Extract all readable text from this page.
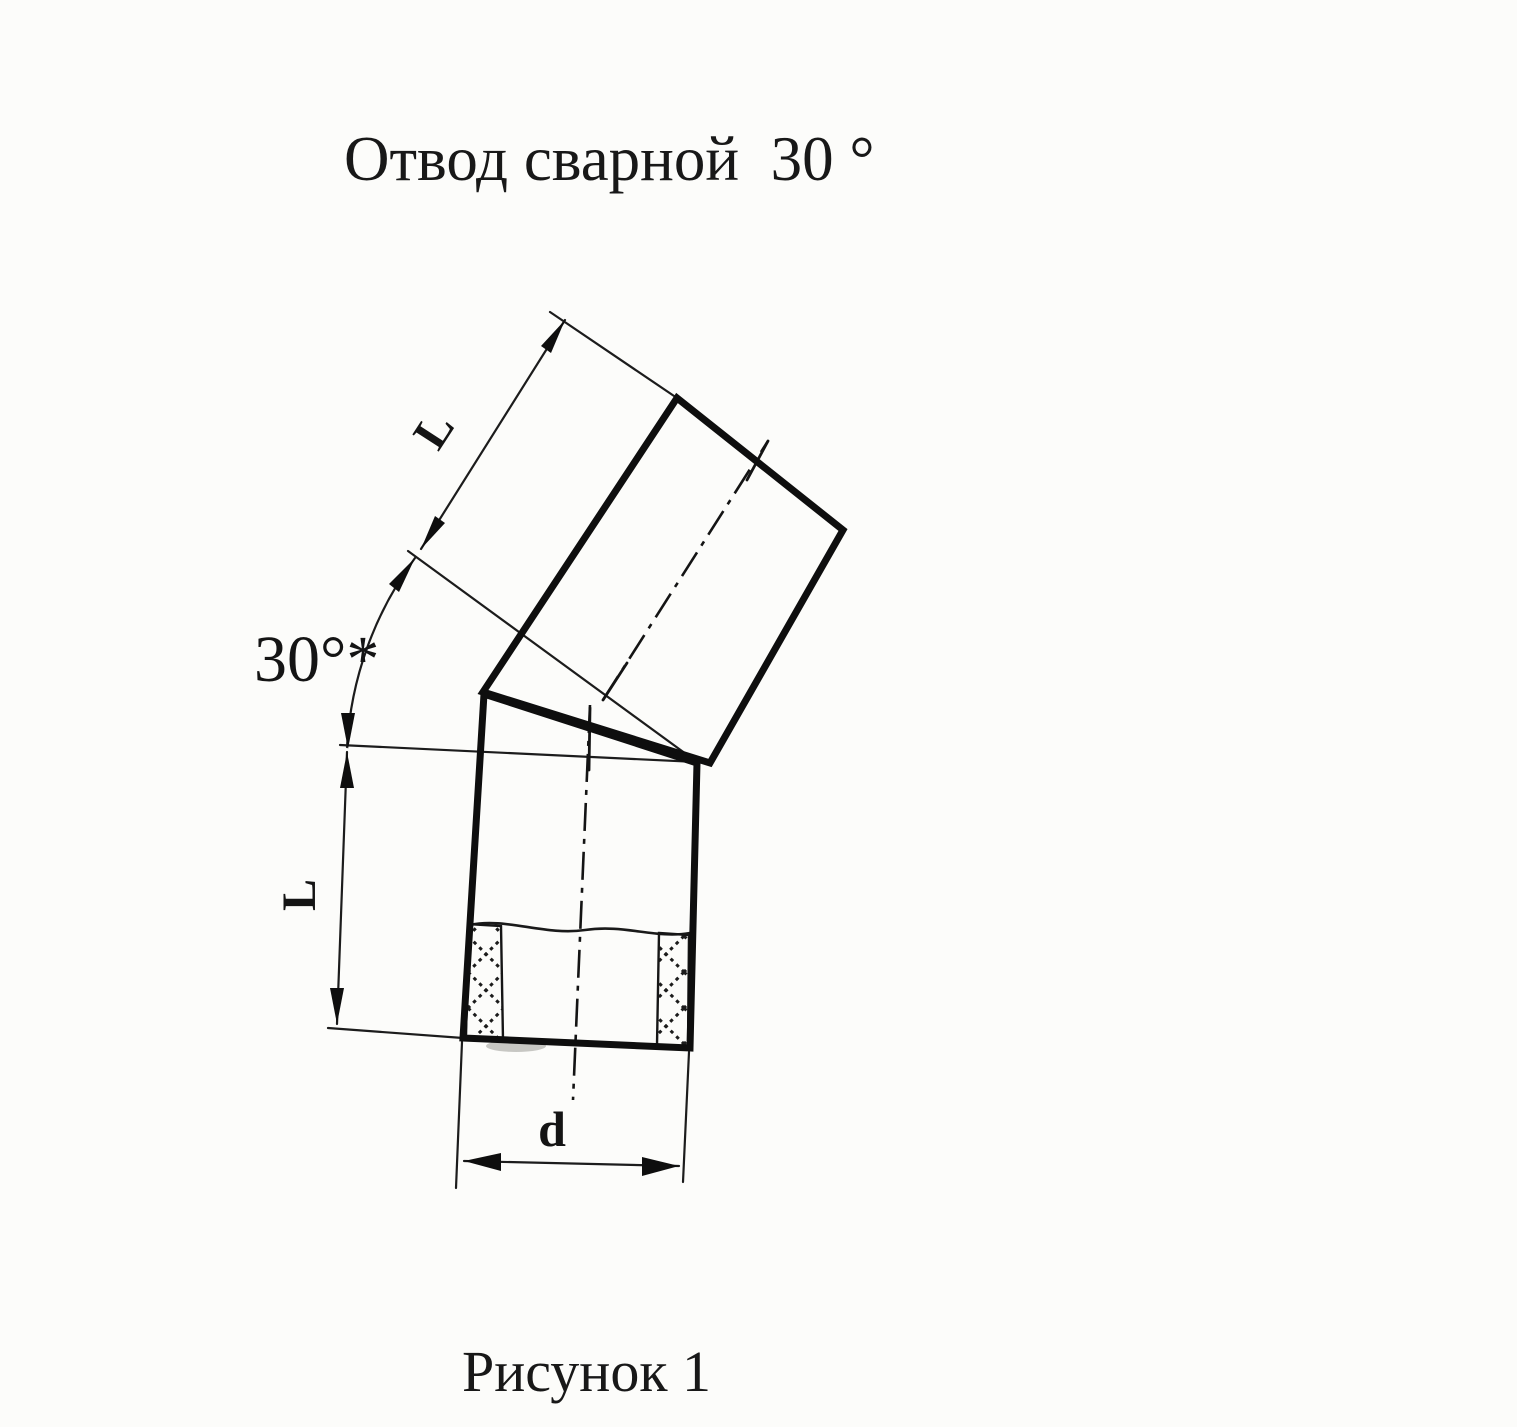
Отвод сварной  30 °
L
L
30°*
d
Рисунок 1
